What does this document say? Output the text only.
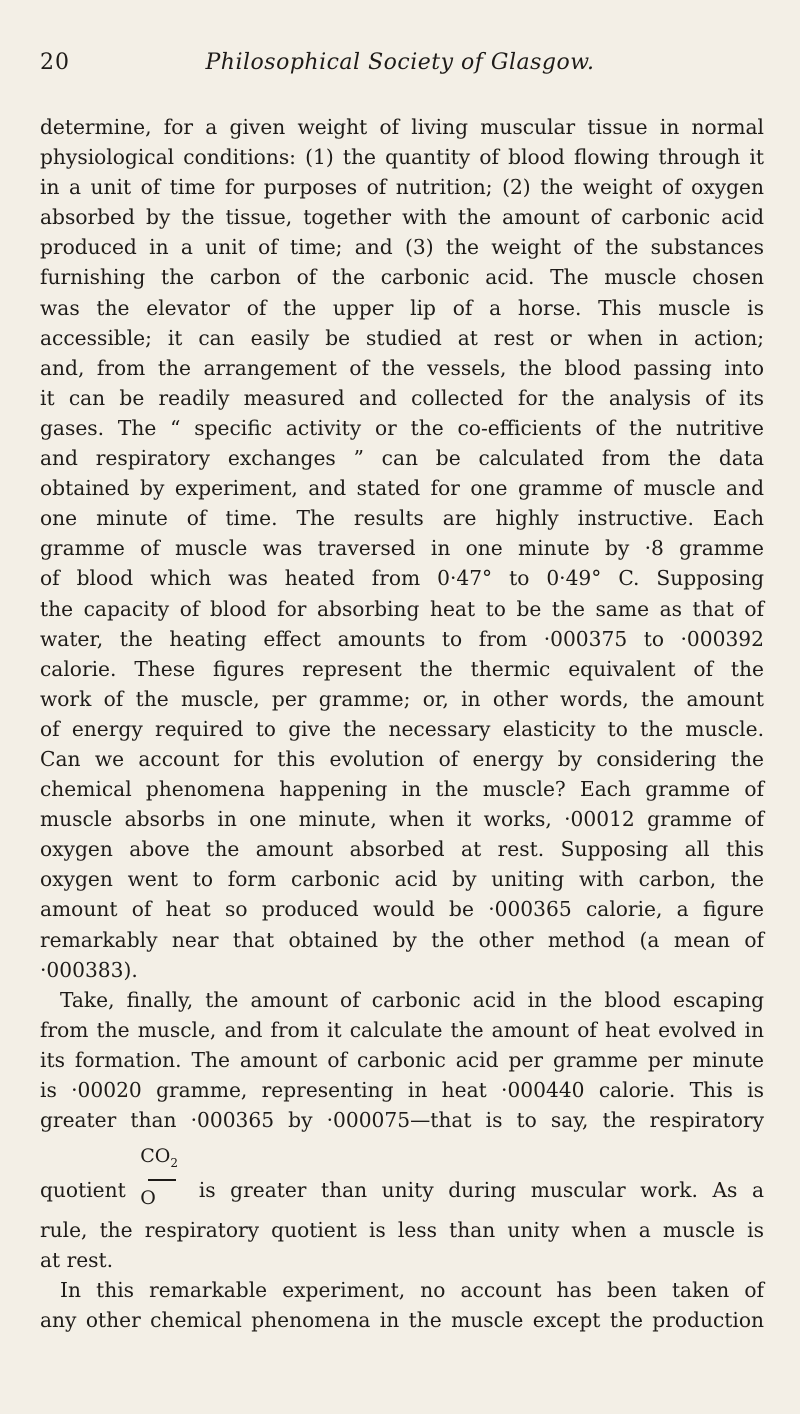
20	Philosophical Society of Glasgow.
determine, for a given weight of living muscular tissue in normal
physiological conditions: (1) the quantity of blood flowing through it
in a unit of time for purposes of nutrition; (2) the weight of oxygen
absorbed by the tissue, together with the amount of carbonic acid
produced in a unit of time; and (3) the weight of the substances
furnishing the carbon of the carbonic acid. The muscle chosen
was the elevator of the upper lip of a horse. This muscle is
accessible; it can easily be studied at rest or when in action;
and, from the arrangement of the vessels, the blood passing into
it can be readily measured and collected for the analysis of its
gases. The “ specific activity or the co-efficients of the nutritive
and respiratory exchanges ” can be calculated from the data
obtained by experiment, and stated for one gramme of muscle and
one minute of time. The results are highly instructive. Each
gramme of muscle was traversed in one minute by ·8 gramme
of blood which was heated from 0·47° to 0·49° C. Supposing
the capacity of blood for absorbing heat to be the same as that of
water, the heating effect amounts to from ·000375 to ·000392
calorie. These figures represent the thermic equivalent of the
work of the muscle, per gramme; or, in other words, the amount
of energy required to give the necessary elasticity to the muscle.
Can we account for this evolution of energy by considering the
chemical phenomena happening in the muscle? Each gramme of
muscle absorbs in one minute, when it works, ·00012 gramme of
oxygen above the amount absorbed at rest. Supposing all this
oxygen went to form carbonic acid by uniting with carbon, the
amount of heat so produced would be ·000365 calorie, a figure
remarkably near that obtained by the other method (a mean of
·000383).
Take, finally, the amount of carbonic acid in the blood escaping
from the muscle, and from it calculate the amount of heat evolved in
its formation. The amount of carbonic acid per gramme per minute
is ·00020 gramme, representing in heat ·000440 calorie. This is
greater than ·000365 by ·000075—that is to say, the respiratory
quotient $\frac{CO_2}{O}$ is greater than unity during muscular work. As a
rule, the respiratory quotient is less than unity when a muscle is
at rest.
In this remarkable experiment, no account has been taken of
any other chemical phenomena in the muscle except the production
